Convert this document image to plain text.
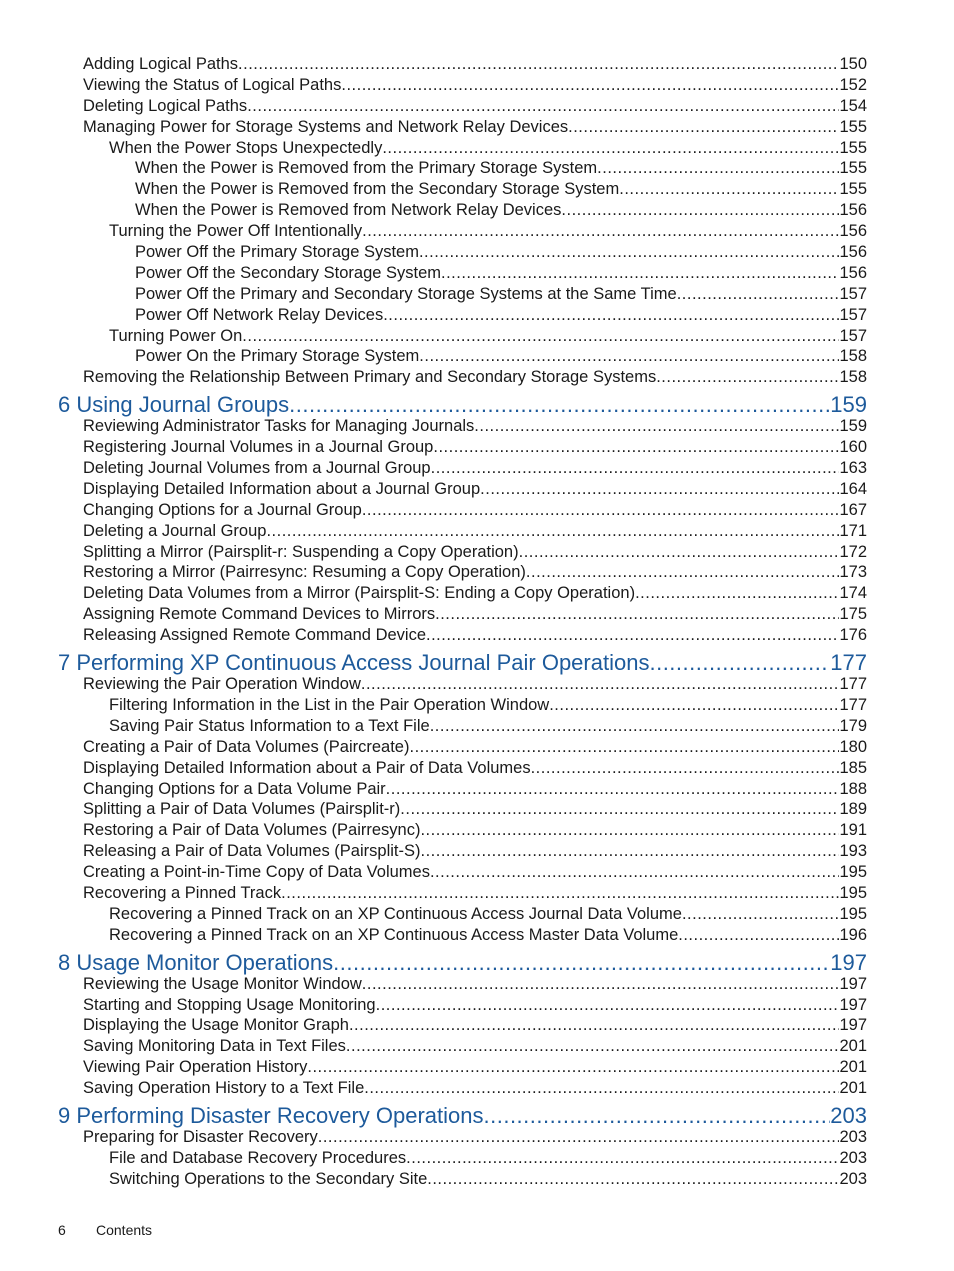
Adding Logical Paths .....	150
Viewing the Status of Logical Paths .....	152
Deleting Logical Paths .....	154
Managing Power for Storage Systems and Network Relay Devices .....	155
When the Power Stops Unexpectedly .....	155
When the Power is Removed from the Primary Storage System .....	155
When the Power is Removed from the Secondary Storage System .....	155
When the Power is Removed from Network Relay Devices .....	156
Turning the Power Off Intentionally .....	156
Power Off the Primary Storage System .....	156
Power Off the Secondary Storage System .....	156
Power Off the Primary and Secondary Storage Systems at the Same Time .....	157
Power Off Network Relay Devices .....	157
Turning Power On .....	157
Power On the Primary Storage System .....	158
Removing the Relationship Between Primary and Secondary Storage Systems .....	158
6 Using Journal Groups .....	159
Reviewing Administrator Tasks for Managing Journals .....	159
Registering Journal Volumes in a Journal Group .....	160
Deleting Journal Volumes from a Journal Group .....	163
Displaying Detailed Information about a Journal Group .....	164
Changing Options for a Journal Group .....	167
Deleting a Journal Group .....	171
Splitting a Mirror (Pairsplit-r: Suspending a Copy Operation) .....	172
Restoring a Mirror (Pairresync: Resuming a Copy Operation) .....	173
Deleting Data Volumes from a Mirror (Pairsplit-S: Ending a Copy Operation) .....	174
Assigning Remote Command Devices to Mirrors .....	175
Releasing Assigned Remote Command Device .....	176
7 Performing XP Continuous Access Journal Pair Operations .....	177
Reviewing the Pair Operation Window .....	177
Filtering Information in the List in the Pair Operation Window .....	177
Saving Pair Status Information to a Text File .....	179
Creating a Pair of Data Volumes (Paircreate) .....	180
Displaying Detailed Information about a Pair of Data Volumes .....	185
Changing Options for a Data Volume Pair .....	188
Splitting a Pair of Data Volumes (Pairsplit-r) .....	189
Restoring a Pair of Data Volumes (Pairresync) .....	191
Releasing a Pair of Data Volumes (Pairsplit-S) .....	193
Creating a Point-in-Time Copy of Data Volumes .....	195
Recovering a Pinned Track .....	195
Recovering a Pinned Track on an XP Continuous Access Journal Data Volume .....	195
Recovering a Pinned Track on an XP Continuous Access Master Data Volume .....	196
8 Usage Monitor Operations .....	197
Reviewing the Usage Monitor Window .....	197
Starting and Stopping Usage Monitoring .....	197
Displaying the Usage Monitor Graph .....	197
Saving Monitoring Data in Text Files .....	201
Viewing Pair Operation History .....	201
Saving Operation History to a Text File .....	201
9 Performing Disaster Recovery Operations .....	203
Preparing for Disaster Recovery .....	203
File and Database Recovery Procedures .....	203
Switching Operations to the Secondary Site .....	203
6 Contents
